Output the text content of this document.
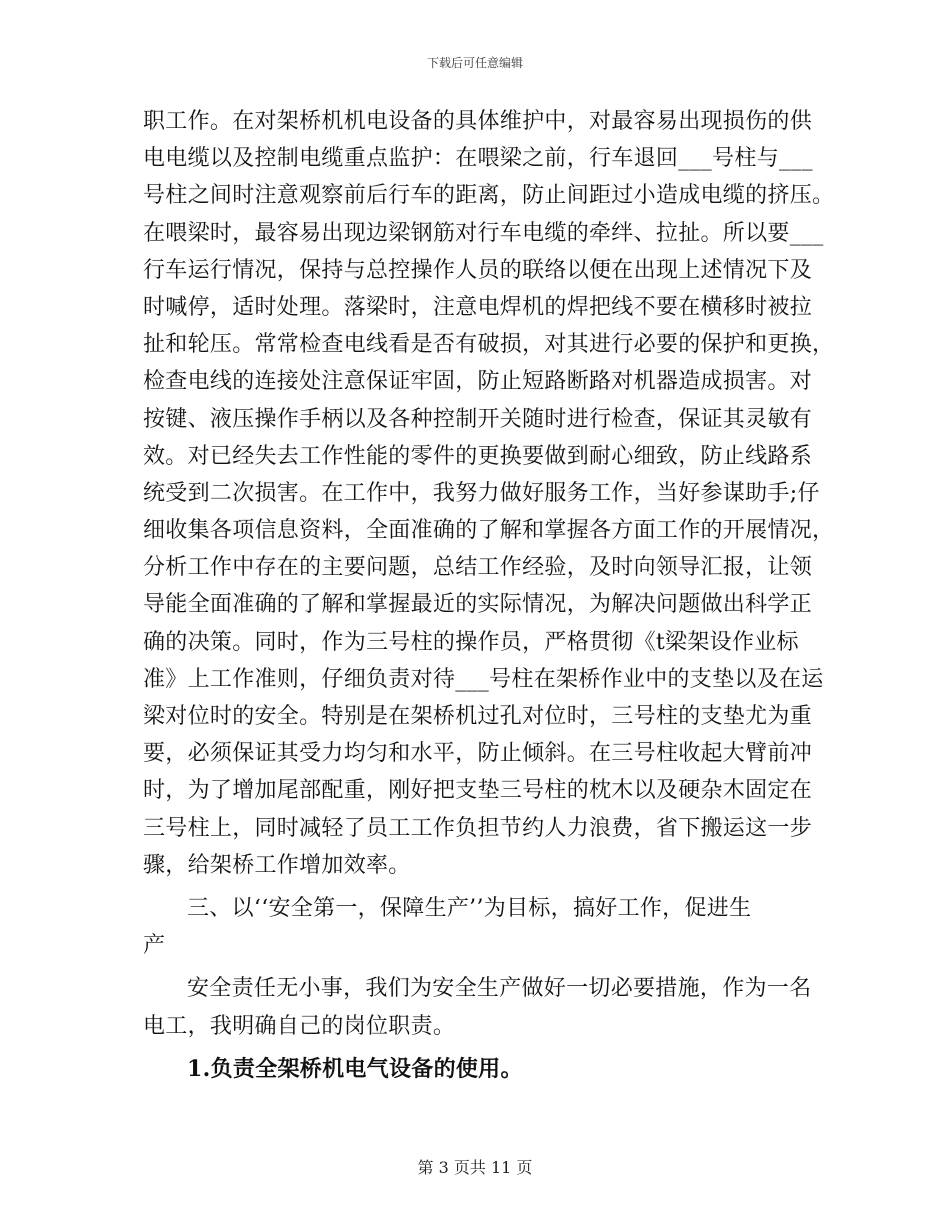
下载后可任意编辑
职工作。在对架桥机机电设备的具体维护中，对最容易出现损伤的供
电电缆以及控制电缆重点监护：在喂梁之前，行车退回___号柱与___
号柱之间时注意观察前后行车的距离，防止间距过小造成电缆的挤压。
在喂梁时，最容易出现边梁钢筋对行车电缆的牵绊、拉扯。所以要___
行车运行情况，保持与总控操作人员的联络以便在出现上述情况下及
时喊停，适时处理。落梁时，注意电焊机的焊把线不要在横移时被拉
扯和轮压。常常检查电线看是否有破损，对其进行必要的保护和更换，
检查电线的连接处注意保证牢固，防止短路断路对机器造成损害。对
按键、液压操作手柄以及各种控制开关随时进行检查，保证其灵敏有
效。对已经失去工作性能的零件的更换要做到耐心细致，防止线路系
统受到二次损害。在工作中，我努力做好服务工作，当好参谋助手;仔
细收集各项信息资料，全面准确的了解和掌握各方面工作的开展情况，
分析工作中存在的主要问题，总结工作经验，及时向领导汇报，让领
导能全面准确的了解和掌握最近的实际情况，为解决问题做出科学正
确的决策。同时，作为三号柱的操作员，严格贯彻《t梁架设作业标
准》上工作准则，仔细负责对待___号柱在架桥作业中的支垫以及在运
梁对位时的安全。特别是在架桥机过孔对位时，三号柱的支垫尤为重
要，必须保证其受力均匀和水平，防止倾斜。在三号柱收起大臂前冲
时，为了增加尾部配重，刚好把支垫三号柱的枕木以及硬杂木固定在
三号柱上，同时减轻了员工工作负担节约人力浪费，省下搬运这一步
骤，给架桥工作增加效率。
三、以‘‘安全第一，保障生产’’为目标，搞好工作，促进生
产
安全责任无小事，我们为安全生产做好一切必要措施，作为一名
电工，我明确自己的岗位职责。
1.负责全架桥机电气设备的使用。
第 3 页共 11 页
